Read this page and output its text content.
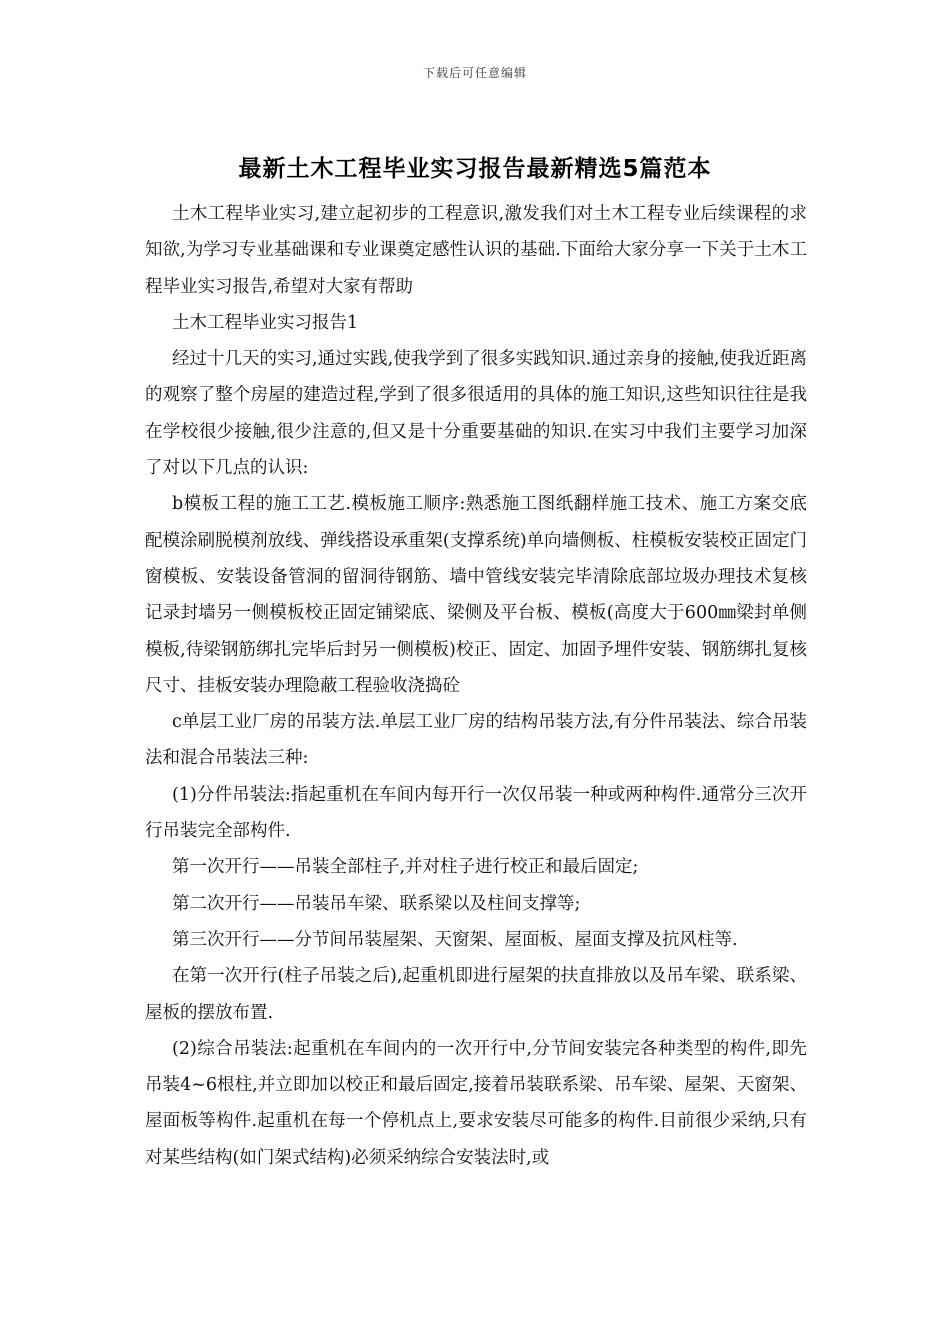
下载后可任意编辑
最新土木工程毕业实习报告最新精选5篇范本

土木工程毕业实习,建立起初步的工程意识,激发我们对土木工程专业后续课程的求知欲,为学习专业基础课和专业课奠定感性认识的基础.下面给大家分享一下关于土木工程毕业实习报告,希望对大家有帮助

土木工程毕业实习报告1

经过十几天的实习,通过实践,使我学到了很多实践知识.通过亲身的接触,使我近距离的观察了整个房屋的建造过程,学到了很多很适用的具体的施工知识,这些知识往往是我在学校很少接触,很少注意的,但又是十分重要基础的知识.在实习中我们主要学习加深了对以下几点的认识:

b模板工程的施工工艺.模板施工顺序:熟悉施工图纸翻样施工技术、施工方案交底配模涂刷脱模剂放线、弹线搭设承重架(支撑系统)单向墙侧板、柱模板安装校正固定门窗模板、安装设备管洞的留洞待钢筋、墙中管线安装完毕清除底部垃圾办理技术复核记录封墙另一侧模板校正固定铺梁底、梁侧及平台板、模板(高度大于600㎜梁封单侧模板,待梁钢筋绑扎完毕后封另一侧模板)校正、固定、加固予埋件安装、钢筋绑扎复核尺寸、挂板安装办理隐蔽工程验收浇捣砼

c单层工业厂房的吊装方法.单层工业厂房的结构吊装方法,有分件吊装法、综合吊装法和混合吊装法三种:

(1)分件吊装法:指起重机在车间内每开行一次仅吊装一种或两种构件.通常分三次开行吊装完全部构件.

第一次开行——吊装全部柱子,并对柱子进行校正和最后固定;

第二次开行——吊装吊车梁、联系梁以及柱间支撑等;

第三次开行——分节间吊装屋架、天窗架、屋面板、屋面支撑及抗风柱等.

在第一次开行(柱子吊装之后),起重机即进行屋架的扶直排放以及吊车梁、联系梁、屋板的摆放布置.

(2)综合吊装法:起重机在车间内的一次开行中,分节间安装完各种类型的构件,即先吊装4~6根柱,并立即加以校正和最后固定,接着吊装联系梁、吊车梁、屋架、天窗架、屋面板等构件.起重机在每一个停机点上,要求安装尽可能多的构件.目前很少采纳,只有对某些结构(如门架式结构)必须采纳综合安装法时,或
